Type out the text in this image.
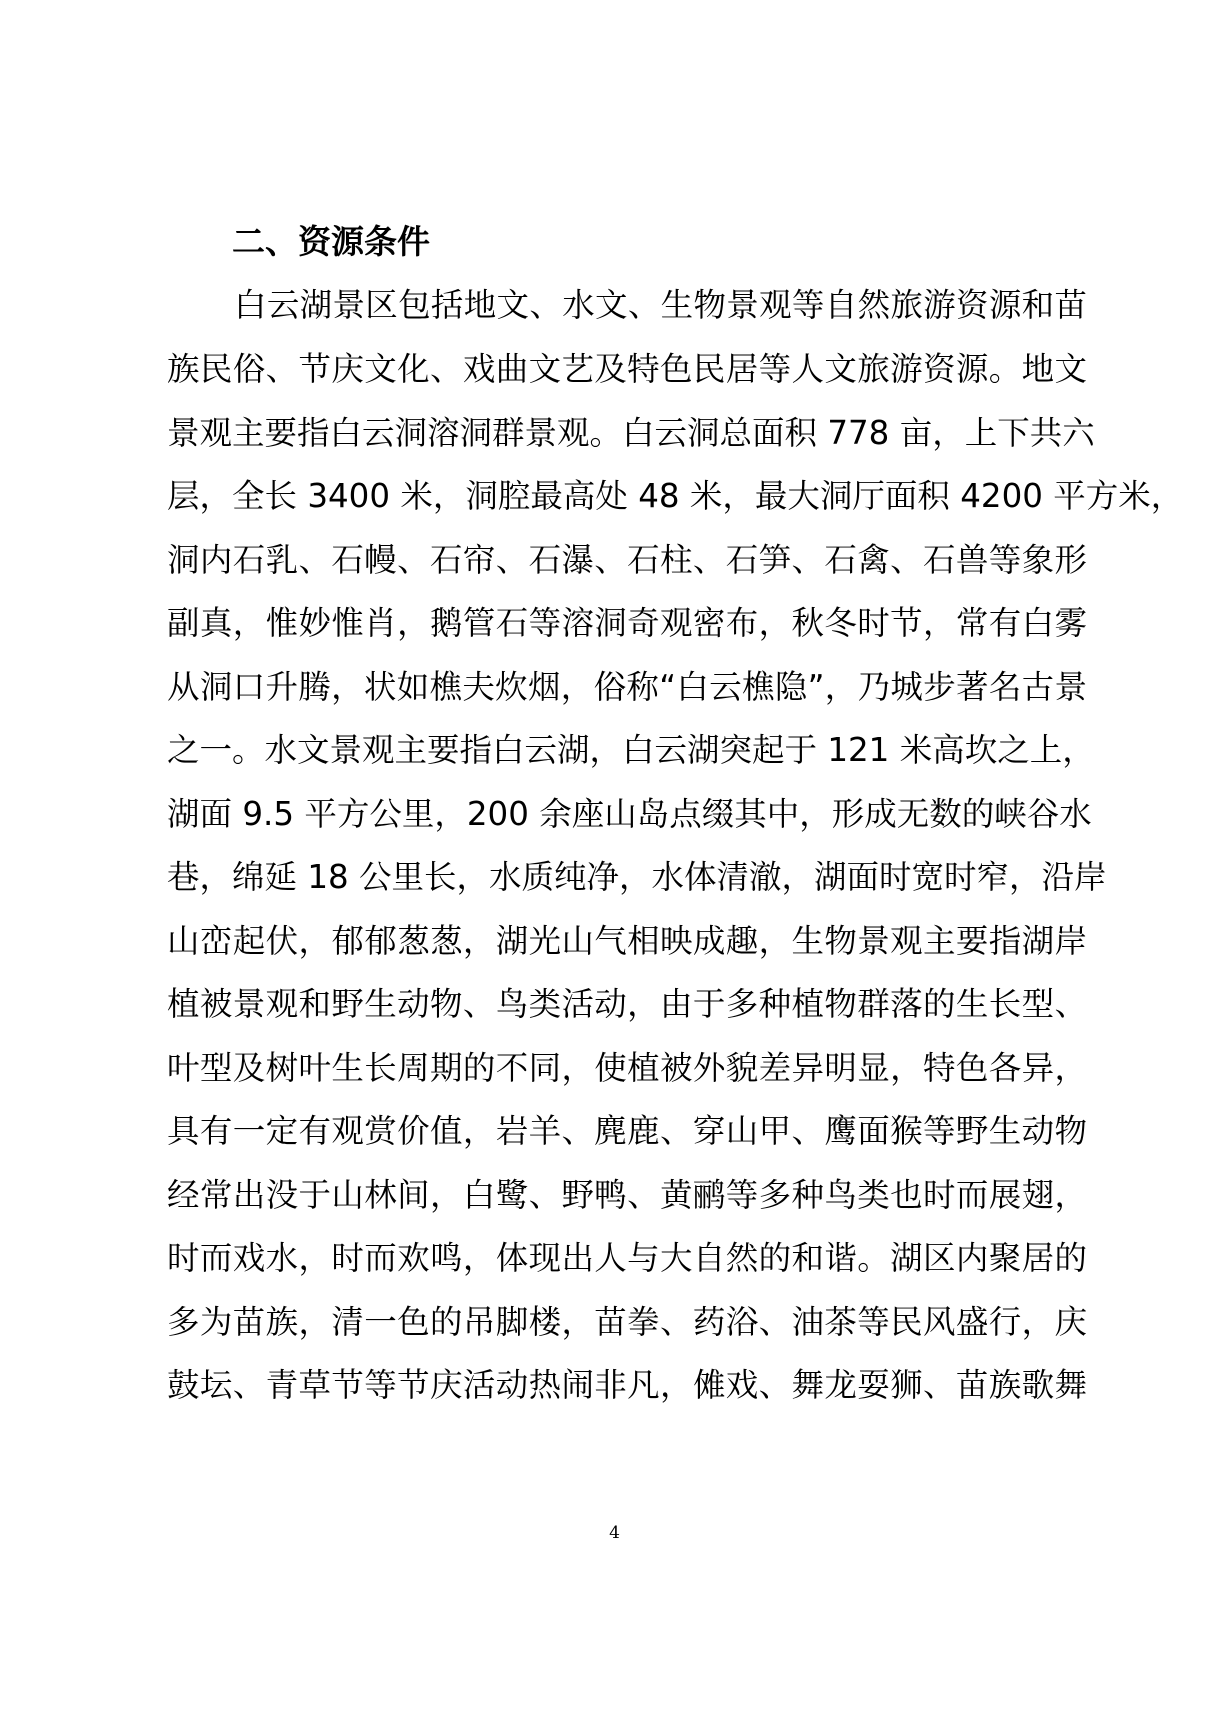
二、资源条件
白云湖景区包括地文、水文、生物景观等自然旅游资源和苗
族民俗、节庆文化、戏曲文艺及特色民居等人文旅游资源。地文
景观主要指白云洞溶洞群景观。白云洞总面积 778 亩，上下共六
层，全长 3400 米，洞腔最高处 48 米，最大洞厅面积 4200 平方米，
洞内石乳、石幔、石帘、石瀑、石柱、石笋、石禽、石兽等象形
副真，惟妙惟肖，鹅管石等溶洞奇观密布，秋冬时节，常有白雾
从洞口升腾，状如樵夫炊烟，俗称“白云樵隐”，乃城步著名古景
之一。水文景观主要指白云湖，白云湖突起于 121 米高坎之上，
湖面 9.5 平方公里，200 余座山岛点缀其中，形成无数的峡谷水
巷，绵延 18 公里长，水质纯净，水体清澈，湖面时宽时窄，沿岸
山峦起伏，郁郁葱葱，湖光山气相映成趣，生物景观主要指湖岸
植被景观和野生动物、鸟类活动，由于多种植物群落的生长型、
叶型及树叶生长周期的不同，使植被外貌差异明显，特色各异，
具有一定有观赏价值，岩羊、麂鹿、穿山甲、鹰面猴等野生动物
经常出没于山林间，白鹭、野鸭、黄鹂等多种鸟类也时而展翅，
时而戏水，时而欢鸣，体现出人与大自然的和谐。湖区内聚居的
多为苗族，清一色的吊脚楼，苗拳、药浴、油茶等民风盛行，庆
鼓坛、青草节等节庆活动热闹非凡，傩戏、舞龙耍狮、苗族歌舞
4
